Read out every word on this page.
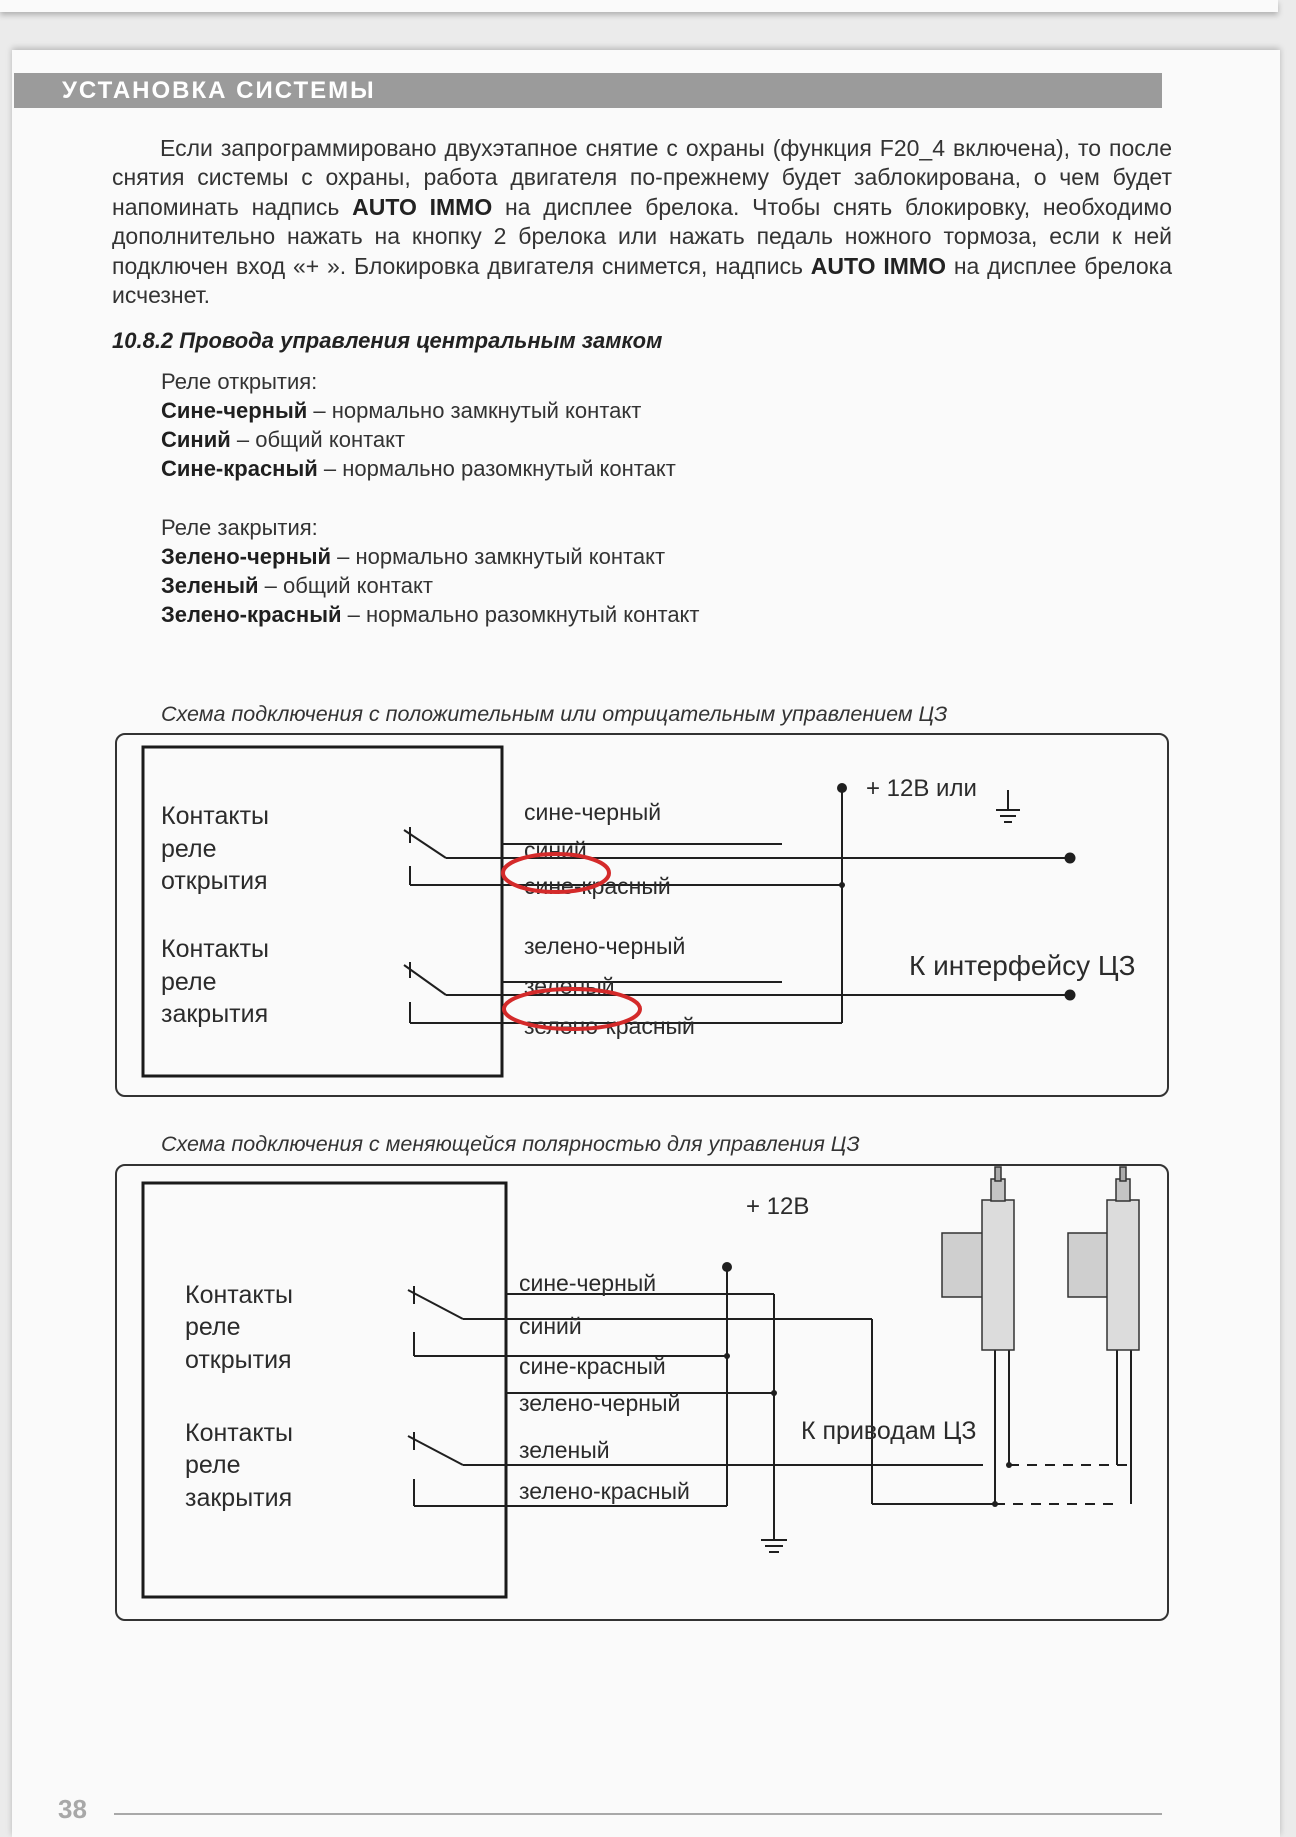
УСТАНОВКА СИСТЕМЫ

Если запрограммировано двухэтапное снятие с охраны (функция F20_4 включена), то после снятия системы с охраны, работа двигателя по-прежнему будет заблокирована, о чем будет напоминать надпись AUTO IMMO на дисплее брелока. Чтобы снять блокировку, необходимо дополнительно нажать на кнопку 2 брелока или нажать педаль ножного тормоза, если к ней подключен вход «+ ». Блокировка двигателя снимется, надпись AUTO IMMO на дисплее брелока исчезнет.

10.8.2 Провода управления центральным замком
Реле открытия:
Сине-черный – нормально замкнутый контакт
Синий – общий контакт
Сине-красный – нормально разомкнутый контакт
Реле закрытия:
Зелено-черный – нормально замкнутый контакт
Зеленый – общий контакт
Зелено-красный – нормально разомкнутый контакт

Схема подключения с положительным или отрицательным управлением ЦЗ

Контакты
реле
открытия
Контакты
реле
закрытия
+ 12В или
сине-черный
синий
сине-красный
зелено-черный
зеленый
зелено-красный
К интерфейсу ЦЗ

Схема подключения с меняющейся полярностью для управления ЦЗ

Контакты
реле
открытия
Контакты
реле
закрытия
+ 12В
сине-черный
синий
сине-красный
зелено-черный
зеленый
зелено-красный
К приводам ЦЗ

38
